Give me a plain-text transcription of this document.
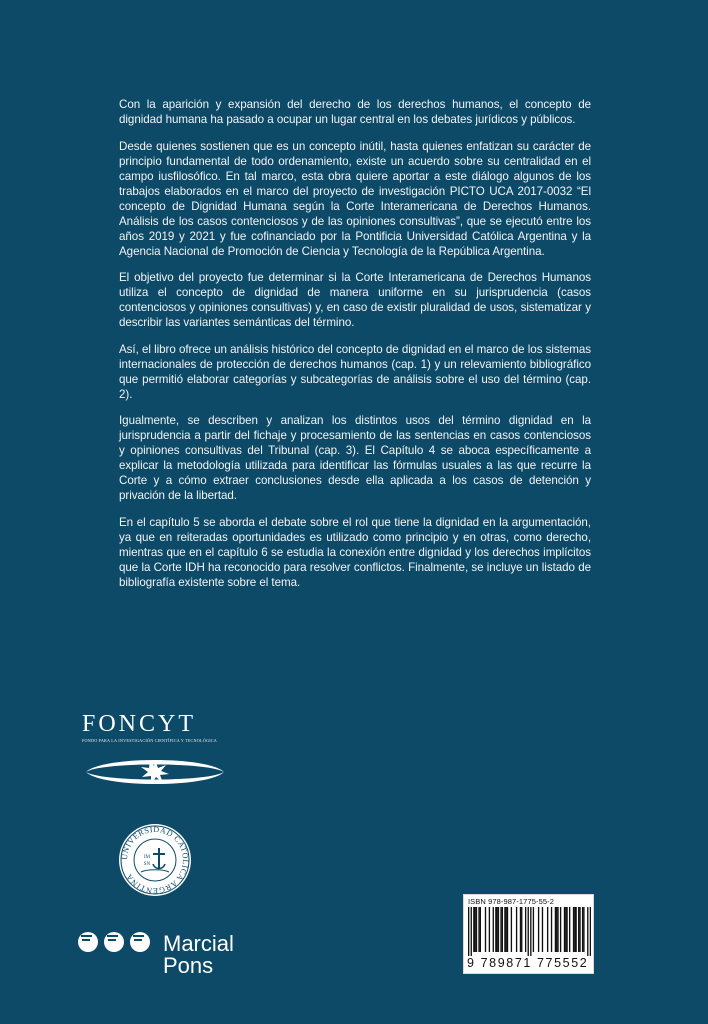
Con la aparición y expansión del derecho de los derechos humanos, el concepto de dignidad humana ha pasado a ocupar un lugar central en los debates jurídicos y públicos.

Desde quienes sostienen que es un concepto inútil, hasta quienes enfatizan su carácter de principio fundamental de todo ordenamiento, existe un acuerdo sobre su centralidad en el campo iusfilosófico. En tal marco, esta obra quiere aportar a este diálogo algunos de los trabajos elaborados en el marco del proyecto de investigación PICTO UCA 2017-0032 “El concepto de Dignidad Humana según la Corte Interamericana de Derechos Humanos. Análisis de los casos contenciosos y de las opiniones consultivas”, que se ejecutó entre los años 2019 y 2021 y fue cofinanciado por la Pontificia Universidad Católica Argentina y la Agencia Nacional de Promoción de Ciencia y Tecnología de la República Argentina.

El objetivo del proyecto fue determinar si la Corte Interamericana de Derechos Humanos utiliza el concepto de dignidad de manera uniforme en su jurisprudencia (casos contenciosos y opiniones consultivas) y, en caso de existir pluralidad de usos, sistematizar y describir las variantes semánticas del término.

Así, el libro ofrece un análisis histórico del concepto de dignidad en el marco de los sistemas internacionales de protección de derechos humanos (cap. 1) y un relevamiento bibliográfico que permitió elaborar categorías y subcategorías de análisis sobre el uso del término (cap. 2).

Igualmente, se describen y analizan los distintos usos del término dignidad en la jurisprudencia a partir del fichaje y procesamiento de las sentencias en casos contenciosos y opiniones consultivas del Tribunal (cap. 3). El Capítulo 4 se aboca específicamente a explicar la metodología utilizada para identificar las fórmulas usuales a las que recurre la Corte y a cómo extraer conclusiones desde ella aplicada a los casos de detención y privación de la libertad.

En el capítulo 5 se aborda el debate sobre el rol que tiene la dignidad en la argumentación, ya que en reiteradas oportunidades es utilizado como principio y en otras, como derecho, mientras que en el capítulo 6 se estudia la conexión entre dignidad y los derechos implícitos que la Corte IDH ha reconocido para resolver conflictos. Finalmente, se incluye un listado de bibliografía existente sobre el tema.

FONCYT
FONDO PARA LA INVESTIGACIÓN CIENTÍFICA Y TECNOLÓGICA
UNIVERSIDAD CATOLICA ARGENTINA
IM
SN
Marcial
Pons
ISBN 978-987-1775-55-2
9 789871 775552
